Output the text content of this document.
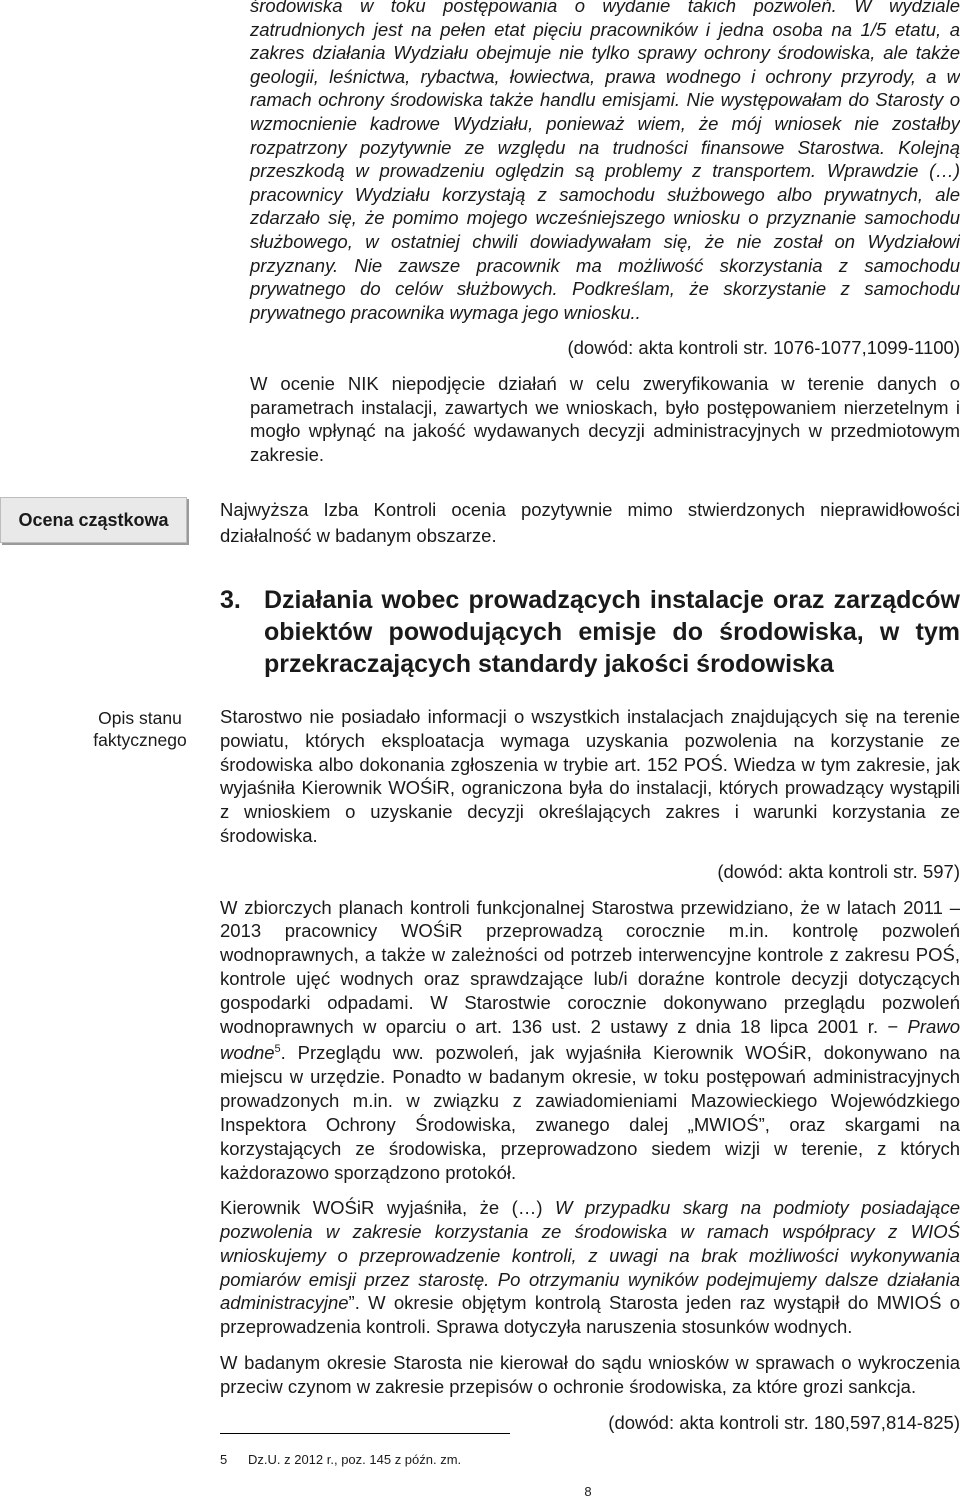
środowiska w toku postępowania o wydanie takich pozwoleń. W wydziale zatrudnionych jest na pełen etat pięciu pracowników i jedna osoba na 1/5 etatu, a zakres działania Wydziału obejmuje nie tylko sprawy ochrony środowiska, ale także geologii, leśnictwa, rybactwa, łowiectwa, prawa wodnego i ochrony przyrody, a w ramach ochrony środowiska także handlu emisjami. Nie występowałam do Starosty o wzmocnienie kadrowe Wydziału, ponieważ wiem, że mój wniosek nie zostałby rozpatrzony pozytywnie ze względu na trudności finansowe Starostwa. Kolejną przeszkodą w prowadzeniu oględzin są problemy z transportem. Wprawdzie (…) pracownicy Wydziału korzystają z samochodu służbowego albo prywatnych, ale zdarzało się, że pomimo mojego wcześniejszego wniosku o przyznanie samochodu służbowego, w ostatniej chwili dowiadywałam się, że nie został on Wydziałowi przyznany. Nie zawsze pracownik ma możliwość skorzystania z samochodu prywatnego do celów służbowych. Podkreślam, że skorzystanie z samochodu prywatnego pracownika wymaga jego wniosku..

(dowód: akta kontroli str. 1076-1077,1099-1100)

W ocenie NIK niepodjęcie działań w celu zweryfikowania w terenie danych o parametrach instalacji, zawartych we wnioskach, było postępowaniem nierzetelnym i mogło wpłynąć na jakość wydawanych decyzji administracyjnych w przedmiotowym zakresie.

Ocena cząstkowa	Najwyższa Izba Kontroli ocenia pozytywnie mimo stwierdzonych nieprawidłowości działalność w badanym obszarze.
3. Działania wobec prowadzących instalacje oraz zarządców obiektów powodujących emisje do środowiska, w tym przekraczających standardy jakości środowiska
Opis stanu faktycznego

Starostwo nie posiadało informacji o wszystkich instalacjach znajdujących się na terenie powiatu, których eksploatacja wymaga uzyskania pozwolenia na korzystanie ze środowiska albo dokonania zgłoszenia w trybie art. 152 POŚ. Wiedza w tym zakresie, jak wyjaśniła Kierownik WOŚiR, ograniczona była do instalacji, których prowadzący wystąpili z wnioskiem o uzyskanie decyzji określających zakres i warunki korzystania ze środowiska.

(dowód: akta kontroli str. 597)

W zbiorczych planach kontroli funkcjonalnej Starostwa przewidziano, że w latach 2011 – 2013 pracownicy WOŚiR przeprowadzą corocznie m.in. kontrolę pozwoleń wodnoprawnych, a także w zależności od potrzeb interwencyjne kontrole z zakresu POŚ, kontrole ujęć wodnych oraz sprawdzające lub/i doraźne kontrole decyzji dotyczących gospodarki odpadami. W Starostwie corocznie dokonywano przeglądu pozwoleń wodnoprawnych w oparciu o art. 136 ust. 2 ustawy z dnia 18 lipca 2001 r. − Prawo wodne$^5$. Przeglądu ww. pozwoleń, jak wyjaśniła Kierownik WOŚiR, dokonywano na miejscu w urzędzie. Ponadto w badanym okresie, w toku postępowań administracyjnych prowadzonych m.in. w związku z zawiadomieniami Mazowieckiego Wojewódzkiego Inspektora Ochrony Środowiska, zwanego dalej „MWIOŚ”, oraz skargami na korzystających ze środowiska, przeprowadzono siedem wizji w terenie, z których każdorazowo sporządzono protokół.

Kierownik WOŚiR wyjaśniła, że (…) W przypadku skarg na podmioty posiadające pozwolenia w zakresie korzystania ze środowiska w ramach współpracy z WIOŚ wnioskujemy o przeprowadzenie kontroli, z uwagi na brak możliwości wykonywania pomiarów emisji przez starostę. Po otrzymaniu wyników podejmujemy dalsze działania administracyjne”. W okresie objętym kontrolą Starosta jeden raz wystąpił do MWIOŚ o przeprowadzenia kontroli. Sprawa dotyczyła naruszenia stosunków wodnych.

W badanym okresie Starosta nie kierował do sądu wniosków w sprawach o wykroczenia przeciw czynom w zakresie przepisów o ochronie środowiska, za które grozi sankcja.

(dowód: akta kontroli str. 180,597,814-825)

5 Dz.U. z 2012 r., poz. 145 z późn. zm.
8
